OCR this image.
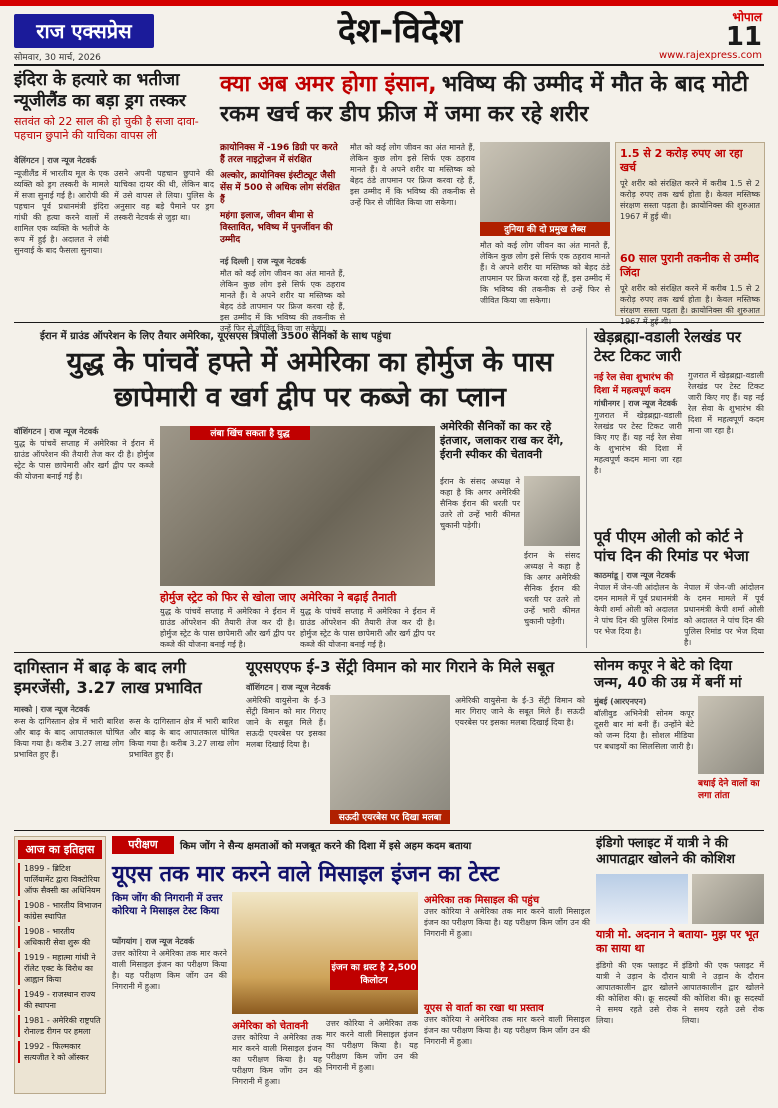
राज एक्सप्रेस
सोमवार, 30 मार्च, 2026
देश-विदेश	भोपाल
11
www.rajexpress.com
इंदिरा के हत्यारे का भतीजा न्यूजीलैंड का बड़ा ड्रग तस्कर
सतवंत को 22 साल की हो चुकी है सजा दावा-पहचान छुपाने की याचिका वापस ली
वेलिंगटन | राज न्यूज नेटवर्क
न्यूजीलैंड में भारतीय मूल के एक व्यक्ति को ड्रग तस्करी के मामले में सजा सुनाई गई है। आरोपी की पहचान पूर्व प्रधानमंत्री इंदिरा गांधी की हत्या करने वालों में शामिल एक व्यक्ति के भतीजे के रूप में हुई है। अदालत ने लंबी सुनवाई के बाद फैसला सुनाया।
उसने अपनी पहचान छुपाने की याचिका दायर की थी, लेकिन बाद में उसे वापस ले लिया। पुलिस के अनुसार वह बड़े पैमाने पर ड्रग तस्करी नेटवर्क से जुड़ा था।
क्या अब अमर होगा इंसान, भविष्य की उम्मीद में मौत के बाद मोटी रकम खर्च कर डीप फ्रीज में जमा कर रहे शरीर
क्रायोनिक्स में -196 डिग्री पर करते हैं तरल नाइट्रोजन में संरक्षित
अल्कोर, क्रायोनिक्स इंस्टीट्यूट जैसी सेंस में 500 से अधिक लोग संरक्षित हैं
महंगा इलाज, जीवन बीमा से विस्तावित, भविष्य में पुनर्जीवन की उम्मीद
नई दिल्ली | राज न्यूज नेटवर्क
मौत को कई लोग जीवन का अंत मानते हैं, लेकिन कुछ लोग इसे सिर्फ एक ठहराव मानते हैं। वे अपने शरीर या मस्तिष्क को बेहद ठंडे तापमान पर फ्रिज करवा रहे हैं, इस उम्मीद में कि भविष्य की तकनीक से उन्हें फिर से जीवित किया जा सकेगा।
मौत को कई लोग जीवन का अंत मानते हैं, लेकिन कुछ लोग इसे सिर्फ एक ठहराव मानते हैं। वे अपने शरीर या मस्तिष्क को बेहद ठंडे तापमान पर फ्रिज करवा रहे हैं, इस उम्मीद में कि भविष्य की तकनीक से उन्हें फिर से जीवित किया जा सकेगा।
दुनिया की दो प्रमुख लैब्स
मौत को कई लोग जीवन का अंत मानते हैं, लेकिन कुछ लोग इसे सिर्फ एक ठहराव मानते हैं। वे अपने शरीर या मस्तिष्क को बेहद ठंडे तापमान पर फ्रिज करवा रहे हैं, इस उम्मीद में कि भविष्य की तकनीक से उन्हें फिर से जीवित किया जा सकेगा।
1.5 से 2 करोड़ रुपए आ रहा खर्च
पूरे शरीर को संरक्षित करने में करीब 1.5 से 2 करोड़ रुपए तक खर्च होता है। केवल मस्तिष्क संरक्षण सस्ता पड़ता है। क्रायोनिक्स की शुरुआत 1967 में हुई थी।
60 साल पुरानी तकनीक से उम्मीद जिंदा
पूरे शरीर को संरक्षित करने में करीब 1.5 से 2 करोड़ रुपए तक खर्च होता है। केवल मस्तिष्क संरक्षण सस्ता पड़ता है। क्रायोनिक्स की शुरुआत
ईरान में ग्राउंड ऑपरेशन के लिए तैयार अमेरिका, यूएसएस त्रिपोली 3500 सैनिकों के साथ पहुंचा
युद्ध के पांचवें हफ्ते में अमेरिका का होर्मुज के पास छापेमारी व खर्ग द्वीप पर कब्जे का प्लान
वॉशिंगटन | राज न्यूज नेटवर्क
युद्ध के पांचवें सप्ताह में अमेरिका ने ईरान में ग्राउंड ऑपरेशन की तैयारी तेज कर दी है। होर्मुज स्ट्रेट के पास छापेमारी और खर्ग द्वीप पर कब्जे की योजना बनाई गई है।
लंबा खिंच सकता है युद्ध
होर्मुज स्ट्रेट को फिर से खोला जाए अमेरिका ने बढ़ाई तैनाती
युद्ध के पांचवें सप्ताह में अमेरिका ने ईरान में ग्राउंड ऑपरेशन की तैयारी तेज कर दी है। होर्मुज स्ट्रेट के पास छापेमारी और खर्ग द्वीप पर कब्जे की योजना बनाई गई है।
युद्ध के पांचवें सप्ताह में अमेरिका ने ईरान में ग्राउंड ऑपरेशन की तैयारी तेज कर दी है। होर्मुज स्ट्रेट के पास छापेमारी और खर्ग द्वीप पर कब्जे की योजना बनाई गई है।
अमेरिकी सैनिकों का कर रहे इंतजार, जलाकर राख कर देंगे, ईरानी स्पीकर की चेतावनी
ईरान के संसद अध्यक्ष ने कहा है कि अगर अमेरिकी सैनिक ईरान की धरती पर उतरे तो उन्हें भारी कीमत चुकानी पड़ेगी।
ईरान के संसद अध्यक्ष ने कहा है कि अगर अमेरिकी सैनिक ईरान की धरती पर उतरे तो उन्हें भारी कीमत चुकानी पड़ेगी।
खेड़ब्रह्मा-वडाली रेलखंड पर टेस्ट टिकट जारी
नई रेल सेवा शुभारंभ की दिशा में महत्वपूर्ण कदम
गांधीनगर | राज न्यूज नेटवर्क
गुजरात में खेड़ब्रह्मा-वडाली रेलखंड पर टेस्ट टिकट जारी किए गए हैं। यह नई रेल सेवा के शुभारंभ की दिशा में महत्वपूर्ण कदम माना जा रहा है।
गुजरात में खेड़ब्रह्मा-वडाली रेलखंड पर टेस्ट टिकट जारी किए गए हैं। यह नई रेल सेवा के शुभारंभ की दिशा में महत्वपूर्ण कदम माना जा रहा है।
पूर्व पीएम ओली को कोर्ट ने पांच दिन की रिमांड पर भेजा
काठमांडू | राज न्यूज नेटवर्क
नेपाल में जेन-जी आंदोलन के दमन मामले में पूर्व प्रधानमंत्री केपी शर्मा ओली को अदालत ने पांच दिन की पुलिस रिमांड पर भेज दिया है।
नेपाल में जेन-जी आंदोलन के दमन मामले में पूर्व प्रधानमंत्री केपी शर्मा ओली को अदालत ने पांच दिन की पुलिस रिमांड पर भेज दिया है।
दागिस्तान में बाढ़ के बाद लगी इमरजेंसी, 3.27 लाख प्रभावित
मास्को | राज न्यूज नेटवर्क
रूस के दागिस्तान क्षेत्र में भारी बारिश और बाढ़ के बाद आपातकाल घोषित किया गया है। करीब 3.27 लाख लोग प्रभावित हुए हैं।
रूस के दागिस्तान क्षेत्र में भारी बारिश और बाढ़ के बाद आपातकाल घोषित किया गया है। करीब 3.27 लाख लोग प्रभावित हुए हैं।
यूएसएएफ ई-3 सेंट्री विमान को मार गिराने के मिले सबूत
वॉशिंगटन | राज न्यूज नेटवर्क
सऊदी एयरबेस पर दिखा मलबा
अमेरिकी वायुसेना के ई-3 सेंट्री विमान को मार गिराए जाने के सबूत मिले हैं। सऊदी एयरबेस पर इसका मलबा दिखाई दिया है।
अमेरिकी वायुसेना के ई-3 सेंट्री विमान को मार गिराए जाने के सबूत मिले हैं। सऊदी एयरबेस पर इसका मलबा दिखाई दिया है।
सोनम कपूर ने बेटे को दिया जन्म, 40 की उम्र में बनीं मां
मुंबई (आरएनएन)
बॉलीवुड अभिनेत्री सोनम कपूर दूसरी बार मां बनी हैं। उन्होंने बेटे को जन्म दिया है। सोशल मीडिया पर बधाइयों का सिलसिला जारी है।
बधाई देने वालों का लगा तांता
आज का इतिहास
1899 - ब्रिटिश पार्लियामेंट द्वारा विक्टोरिया ऑफ सैक्सी का अधिनियम
1908 - भारतीय विभाजन कांग्रेस स्थापित
1908 - भारतीय अधिकारी सेवा शुरू की
1919 - महात्मा गांधी ने रॉलेट एक्ट के विरोध का आह्वान किया
1949 - राजस्थान राज्य की स्थापना
1981 - अमेरिकी राष्ट्रपति रोनाल्ड रीगन पर हमला
1992 - फिल्मकार सत्यजीत रे को ऑस्कर
परीक्षण	किम जोंग ने सैन्य क्षमताओं को मजबूत करने की दिशा में इसे अहम कदम बताया
यूएस तक मार करने वाले मिसाइल इंजन का टेस्ट
किम जोंग की निगरानी में उत्तर कोरिया ने मिसाइल टेस्ट किया
प्योंगयांग | राज न्यूज नेटवर्क
उत्तर कोरिया ने अमेरिका तक मार करने वाली मिसाइल इंजन का परीक्षण किया है। यह परीक्षण किम जोंग उन की निगरानी में हुआ।
इंजन का थ्रस्ट है 2,500 किलोटन
अमेरिका को चेतावनी
उत्तर कोरिया ने अमेरिका तक मार करने वाली मिसाइल इंजन का परीक्षण किया है। यह परीक्षण किम जोंग उन की निगरानी में हुआ।
उत्तर कोरिया ने अमेरिका तक मार करने वाली मिसाइल इंजन का परीक्षण किया है। यह परीक्षण किम जोंग उन की निगरानी में हुआ।
अमेरिका तक मिसाइल की पहुंच
उत्तर कोरिया ने अमेरिका तक मार करने वाली मिसाइल इंजन का परीक्षण किया है। यह परीक्षण किम जोंग उन की निगरानी में हुआ।
यूएस से वार्ता का रखा था प्रस्ताव
उत्तर कोरिया ने अमेरिका तक मार करने वाली मिसाइल इंजन का परीक्षण किया है। यह परीक्षण किम जोंग उन की निगरानी में हुआ।
इंडिगो फ्लाइट में यात्री ने की आपातद्वार खोलने की कोशिश
यात्री मो. अदनान ने बताया- मुझ पर भूत का साया था
इंडिगो की एक फ्लाइट में यात्री ने उड़ान के दौरान आपातकालीन द्वार खोलने की कोशिश की। क्रू सदस्यों ने समय रहते उसे रोक लिया।
इंडिगो की एक फ्लाइट में यात्री ने उड़ान के दौरान आपातकालीन द्वार खोलने की कोशिश की। क्रू सदस्यों ने समय रहते उसे रोक लिया।
